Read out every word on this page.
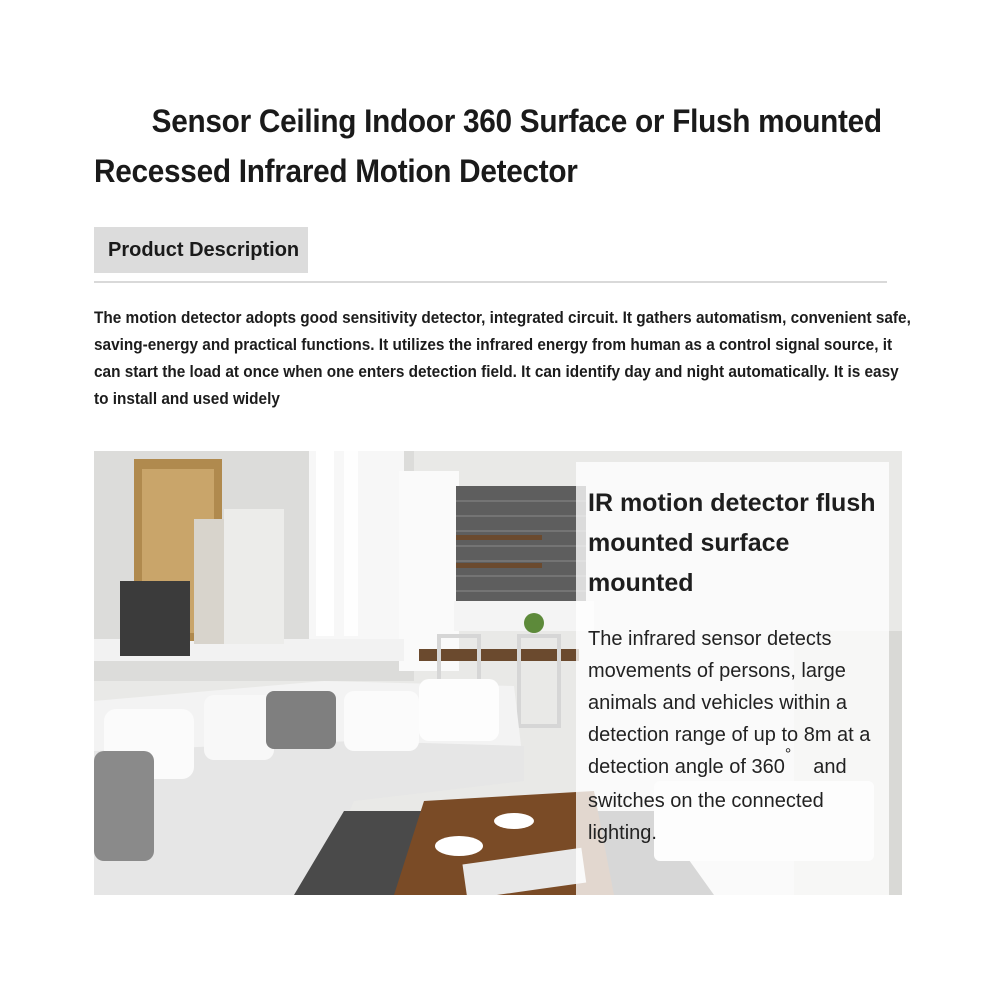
Sensor Ceiling Indoor 360 Surface or Flush mounted
Recessed Infrared Motion Detector
Product Description

The motion detector adopts good sensitivity detector, integrated circuit. It gathers automatism, convenient safe, saving-energy and practical functions. It utilizes the infrared energy from human as a control signal source, it can start the load at once when one enters detection field. It can identify day and night automatically. It is easy to install and used widely

IR motion detector flush mounted surface mounted

The infrared sensor detects movements of persons, large animals and vehicles within a detection range of up to 8m at a detection angle of 360°and switches on the connected lighting.
